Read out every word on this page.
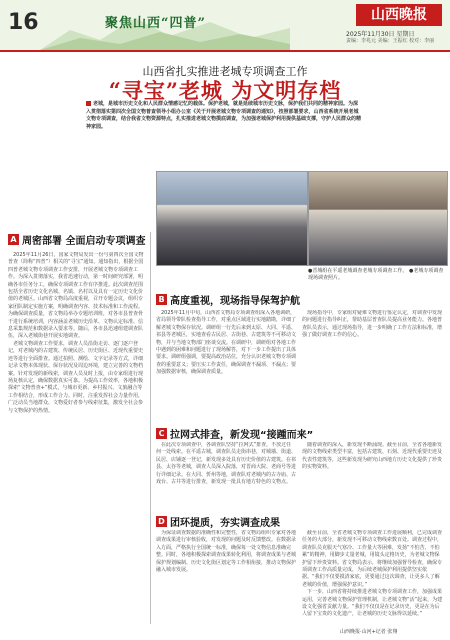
16	聚焦山西“四普”
山西晚报
2025年11月30日 星期日
责编：李兆元 美编：王振红 校对：李丽
山西省扎实推进老城专项调查工作
“寻宝”老城 为文明存档
老城，是城市历史文化和人民群众情感记忆的载体。保护老城，就是延续城市历史文脉，保护我们共同的精神家园。为深入贯彻落实第四次全国文物普查领导小组办公室《关于开展老城文物专项调查的通知》，按照部署要求，山西省系统开展老城文物专项调查，结合我省文物资源特点，扎实推进老城文物摸底调查，为加强老城保护利用提供基础支撑，守护人民群众的精神家园。
A 周密部署 全面启动专项调查

2025年11月26日，国家文物局发出一份与第四次全国文物普查（简称“四普”）相关的“寻宝”通知。通知指出，根据全国四普老城文物专项调查工作安排，开展老城文物专项调查工作。为深入贯彻落实，我省迅速行动，第一时间研究部署，明确各市任务分工，确保专项调查工作有序推进。此次调查范围包括全省历史文化名城、名镇、名村以及具有一定历史文化价值的老城区。山西省文物局高度重视，召开专题会议，组织专家团队制定实施方案，明确调查内容、技术标准和工作流程。为确保调查质量，省文物局举办专题培训班，对各市县普查骨干进行系统培训，内容涵盖老城历史沿革、文物认定标准、信息采集规范和数据录入要求等。随后，各市县迅速组建调查队伍，深入老城街巷开展实地调查。

老城文物调查工作要求，调查人员沿街走访、逐门逐户登记，对老城内的古建筑、传统民居、历史街区、近现代重要史迹等进行全面排查。通过拍照、测绘、文字记录等方式，详细记录文物本体现状、保存状况及周边环境，建立完善的文物档案。针对发现的新线索，调查人员及时上报，由专家组进行现场复核认定，确保数据真实可靠。为提高工作效率，各地积极探索“文物普查+”模式，与城市更新、乡村振兴、文旅融合等工作相结合，形成工作合力。同时，注重发挥社会力量作用，广泛动员当地群众、文物爱好者参与线索征集，激发全社会参与文物保护的热情。

●晋城组在平遥老城调查老城专项调查工作。 ●老城专项调查现场调查照片。
B 高度重视，现场指导保驾护航

2025年11月中旬，山西省文物局专项调查组深入各地调研，省局领导带队检查指导工作，对重点区域进行实地踏勘，详细了解老城文物保存状况。调研组一行先后来到太原、大同、平遥、祁县等老城区，实地查看古民居、古街巷、古建筑等不可移动文物，并与当地文物部门座谈交流。在调研中，调研组对各地工作中遇到的困难和问题进行了现场解答，对下一步工作提出了具体要求。调研组强调，要提高政治站位，充分认识老城文物专项调查的重要意义；要压实工作责任，确保调查不漏项、不漏点；要加强数据审核，确保调查质量。

现场指导中，专家组对疑难文物进行鉴定认定，对调查中发现的问题进行指导纠正，帮助基层普查队员提高业务能力。各地普查队员表示，通过现场指导，进一步明确了工作方法和标准，增强了做好调查工作的信心。

C 拉网式排查，新发现“接踵而来”

在此次专项调查中，各调查队坚持“拉网式”排查，不放过任何一处线索。在平遥古城，调查队员走街串巷，对城墙、街道、民居、店铺逐一登记，新发现多处具有历史价值的古建筑。在祁县、太谷等老城，调查人员深入院落，对晋商大院、老商号等进行详细记录。在大同、忻州等地，调查队对老城内的古寺庙、古戏台、古井等进行排查，新发现一批具有地方特色的文物点。

随着调查的深入，新发现不断涌现。截至目前，全省各地新发现的文物线索类型丰富，包括古建筑、石刻、近现代重要史迹及代表性建筑等，这些新发现为研究山西地方历史文化提供了珍贵的实物资料。

D 团环提质，夯实调查成果

为保证调查数据的准确性和完整性，省文物局组织专家对各地调查成果进行审核验收，对发现的问题及时反馈整改。在数据录入方面，严格执行全国统一标准，确保每一处文物信息准确完整。同时，各地积极探索调查成果转化利用，将调查成果与老城保护规划编制、历史文化街区划定等工作相衔接，推动文物保护融入城市发展。

截至目前，全省老城文物专项调查工作进展顺利，已完成调查任务的大部分，新发现不可移动文物线索数百处。调查过程中，调查队员克服天气寒冷、工作量大等困难，发扬“不怕苦、不怕累”的精神，用脚步丈量老城，用镜头定格历史，为老城文物保护留下珍贵资料。省文物局表示，将继续加强督导检查，确保专项调查工作高质量完成，为后续老城保护利用提供坚实依据。“我们不仅要摸清家底，更要通过这次调查，让更多人了解老城的价值，增强保护意识。”

下一步，山西省将持续推进老城文物专项调查工作，加强成果运用，完善老城文物保护管理机制，让老城文物“活”起来，为建设文化强省贡献力量。“我们不仅仅是在记录历史，更是在为后人留下宝贵的文化遗产，让老城的历史文脉得以延续。”

山西晚报·山河+记者 张翔
